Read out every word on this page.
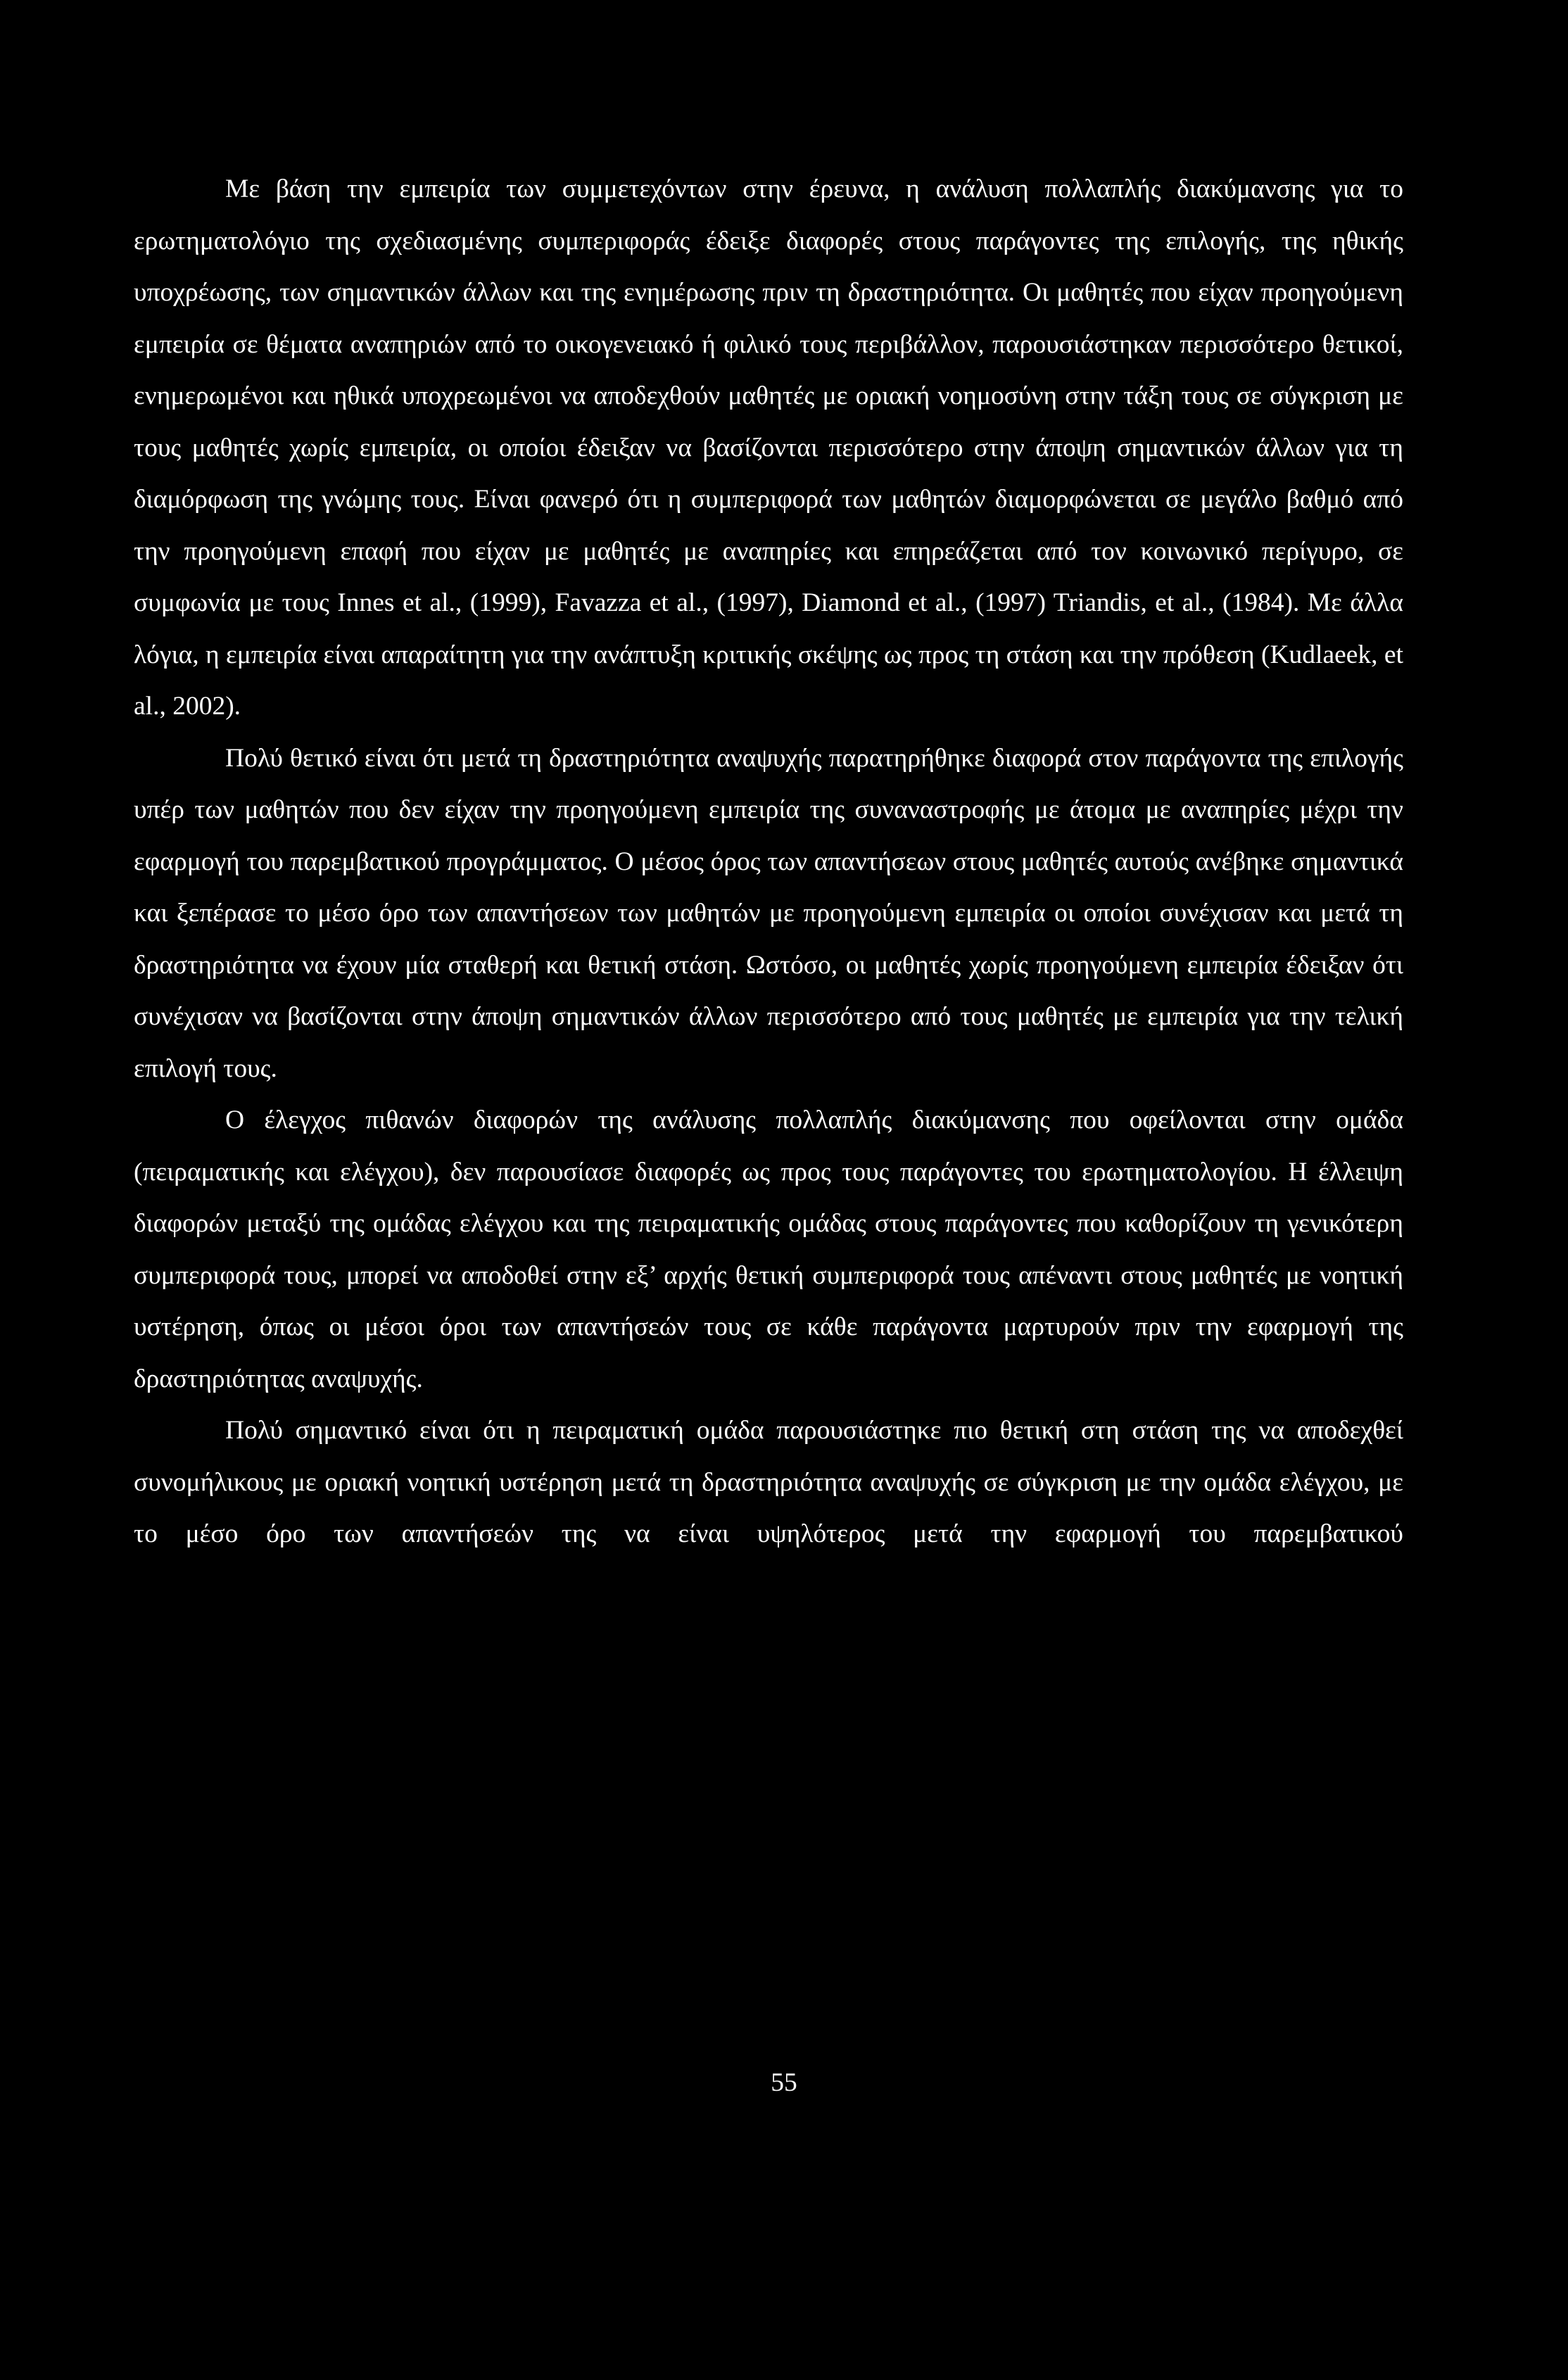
Με βάση την εμπειρία των συμμετεχόντων στην έρευνα, η ανάλυση πολλαπλής διακύμανσης για το ερωτηματολόγιο της σχεδιασμένης συμπεριφοράς έδειξε διαφορές στους παράγοντες της επιλογής, της ηθικής υποχρέωσης, των σημαντικών άλλων και της ενημέρωσης πριν τη δραστηριότητα. Οι μαθητές που είχαν προηγούμενη εμπειρία σε θέματα αναπηριών από το οικογενειακό ή φιλικό τους περιβάλλον, παρουσιάστηκαν περισσότερο θετικοί, ενημερωμένοι και ηθικά υποχρεωμένοι να αποδεχθούν μαθητές με οριακή νοημοσύνη στην τάξη τους σε σύγκριση με τους μαθητές χωρίς εμπειρία, οι οποίοι έδειξαν να βασίζονται περισσότερο στην άποψη σημαντικών άλλων για τη διαμόρφωση της γνώμης τους. Είναι φανερό ότι η συμπεριφορά των μαθητών διαμορφώνεται σε μεγάλο βαθμό από την προηγούμενη επαφή που είχαν με μαθητές με αναπηρίες και επηρεάζεται από τον κοινωνικό περίγυρο, σε συμφωνία με τους Innes et al., (1999), Favazza et al., (1997), Diamond et al., (1997) Triandis, et al., (1984). Με άλλα λόγια, η εμπειρία είναι απαραίτητη για την ανάπτυξη κριτικής σκέψης ως προς τη στάση και την πρόθεση (Kudlaeek, et al., 2002).

Πολύ θετικό είναι ότι μετά τη δραστηριότητα αναψυχής παρατηρήθηκε διαφορά στον παράγοντα της επιλογής υπέρ των μαθητών που δεν είχαν την προηγούμενη εμπειρία της συναναστροφής με άτομα με αναπηρίες μέχρι την εφαρμογή του παρεμβατικού προγράμματος. Ο μέσος όρος των απαντήσεων στους μαθητές αυτούς ανέβηκε σημαντικά και ξεπέρασε το μέσο όρο των απαντήσεων των μαθητών με προηγούμενη εμπειρία οι οποίοι συνέχισαν και μετά τη δραστηριότητα να έχουν μία σταθερή και θετική στάση. Ωστόσο, οι μαθητές χωρίς προηγούμενη εμπειρία έδειξαν ότι συνέχισαν να βασίζονται στην άποψη σημαντικών άλλων περισσότερο από τους μαθητές με εμπειρία για την τελική επιλογή τους.

Ο έλεγχος πιθανών διαφορών της ανάλυσης πολλαπλής διακύμανσης που οφείλονται στην ομάδα (πειραματικής και ελέγχου), δεν παρουσίασε διαφορές ως προς τους παράγοντες του ερωτηματολογίου. Η έλλειψη διαφορών μεταξύ της ομάδας ελέγχου και της πειραματικής ομάδας στους παράγοντες που καθορίζουν τη γενικότερη συμπεριφορά τους, μπορεί να αποδοθεί στην εξ’ αρχής θετική συμπεριφορά τους απέναντι στους μαθητές με νοητική υστέρηση, όπως οι μέσοι όροι των απαντήσεών τους σε κάθε παράγοντα μαρτυρούν πριν την εφαρμογή της δραστηριότητας αναψυχής.

Πολύ σημαντικό είναι ότι η πειραματική ομάδα παρουσιάστηκε πιο θετική στη στάση της να αποδεχθεί συνομήλικους με οριακή νοητική υστέρηση μετά τη δραστηριότητα αναψυχής σε σύγκριση με την ομάδα ελέγχου, με το μέσο όρο των απαντήσεών της να είναι υψηλότερος μετά την εφαρμογή του παρεμβατικού

55
